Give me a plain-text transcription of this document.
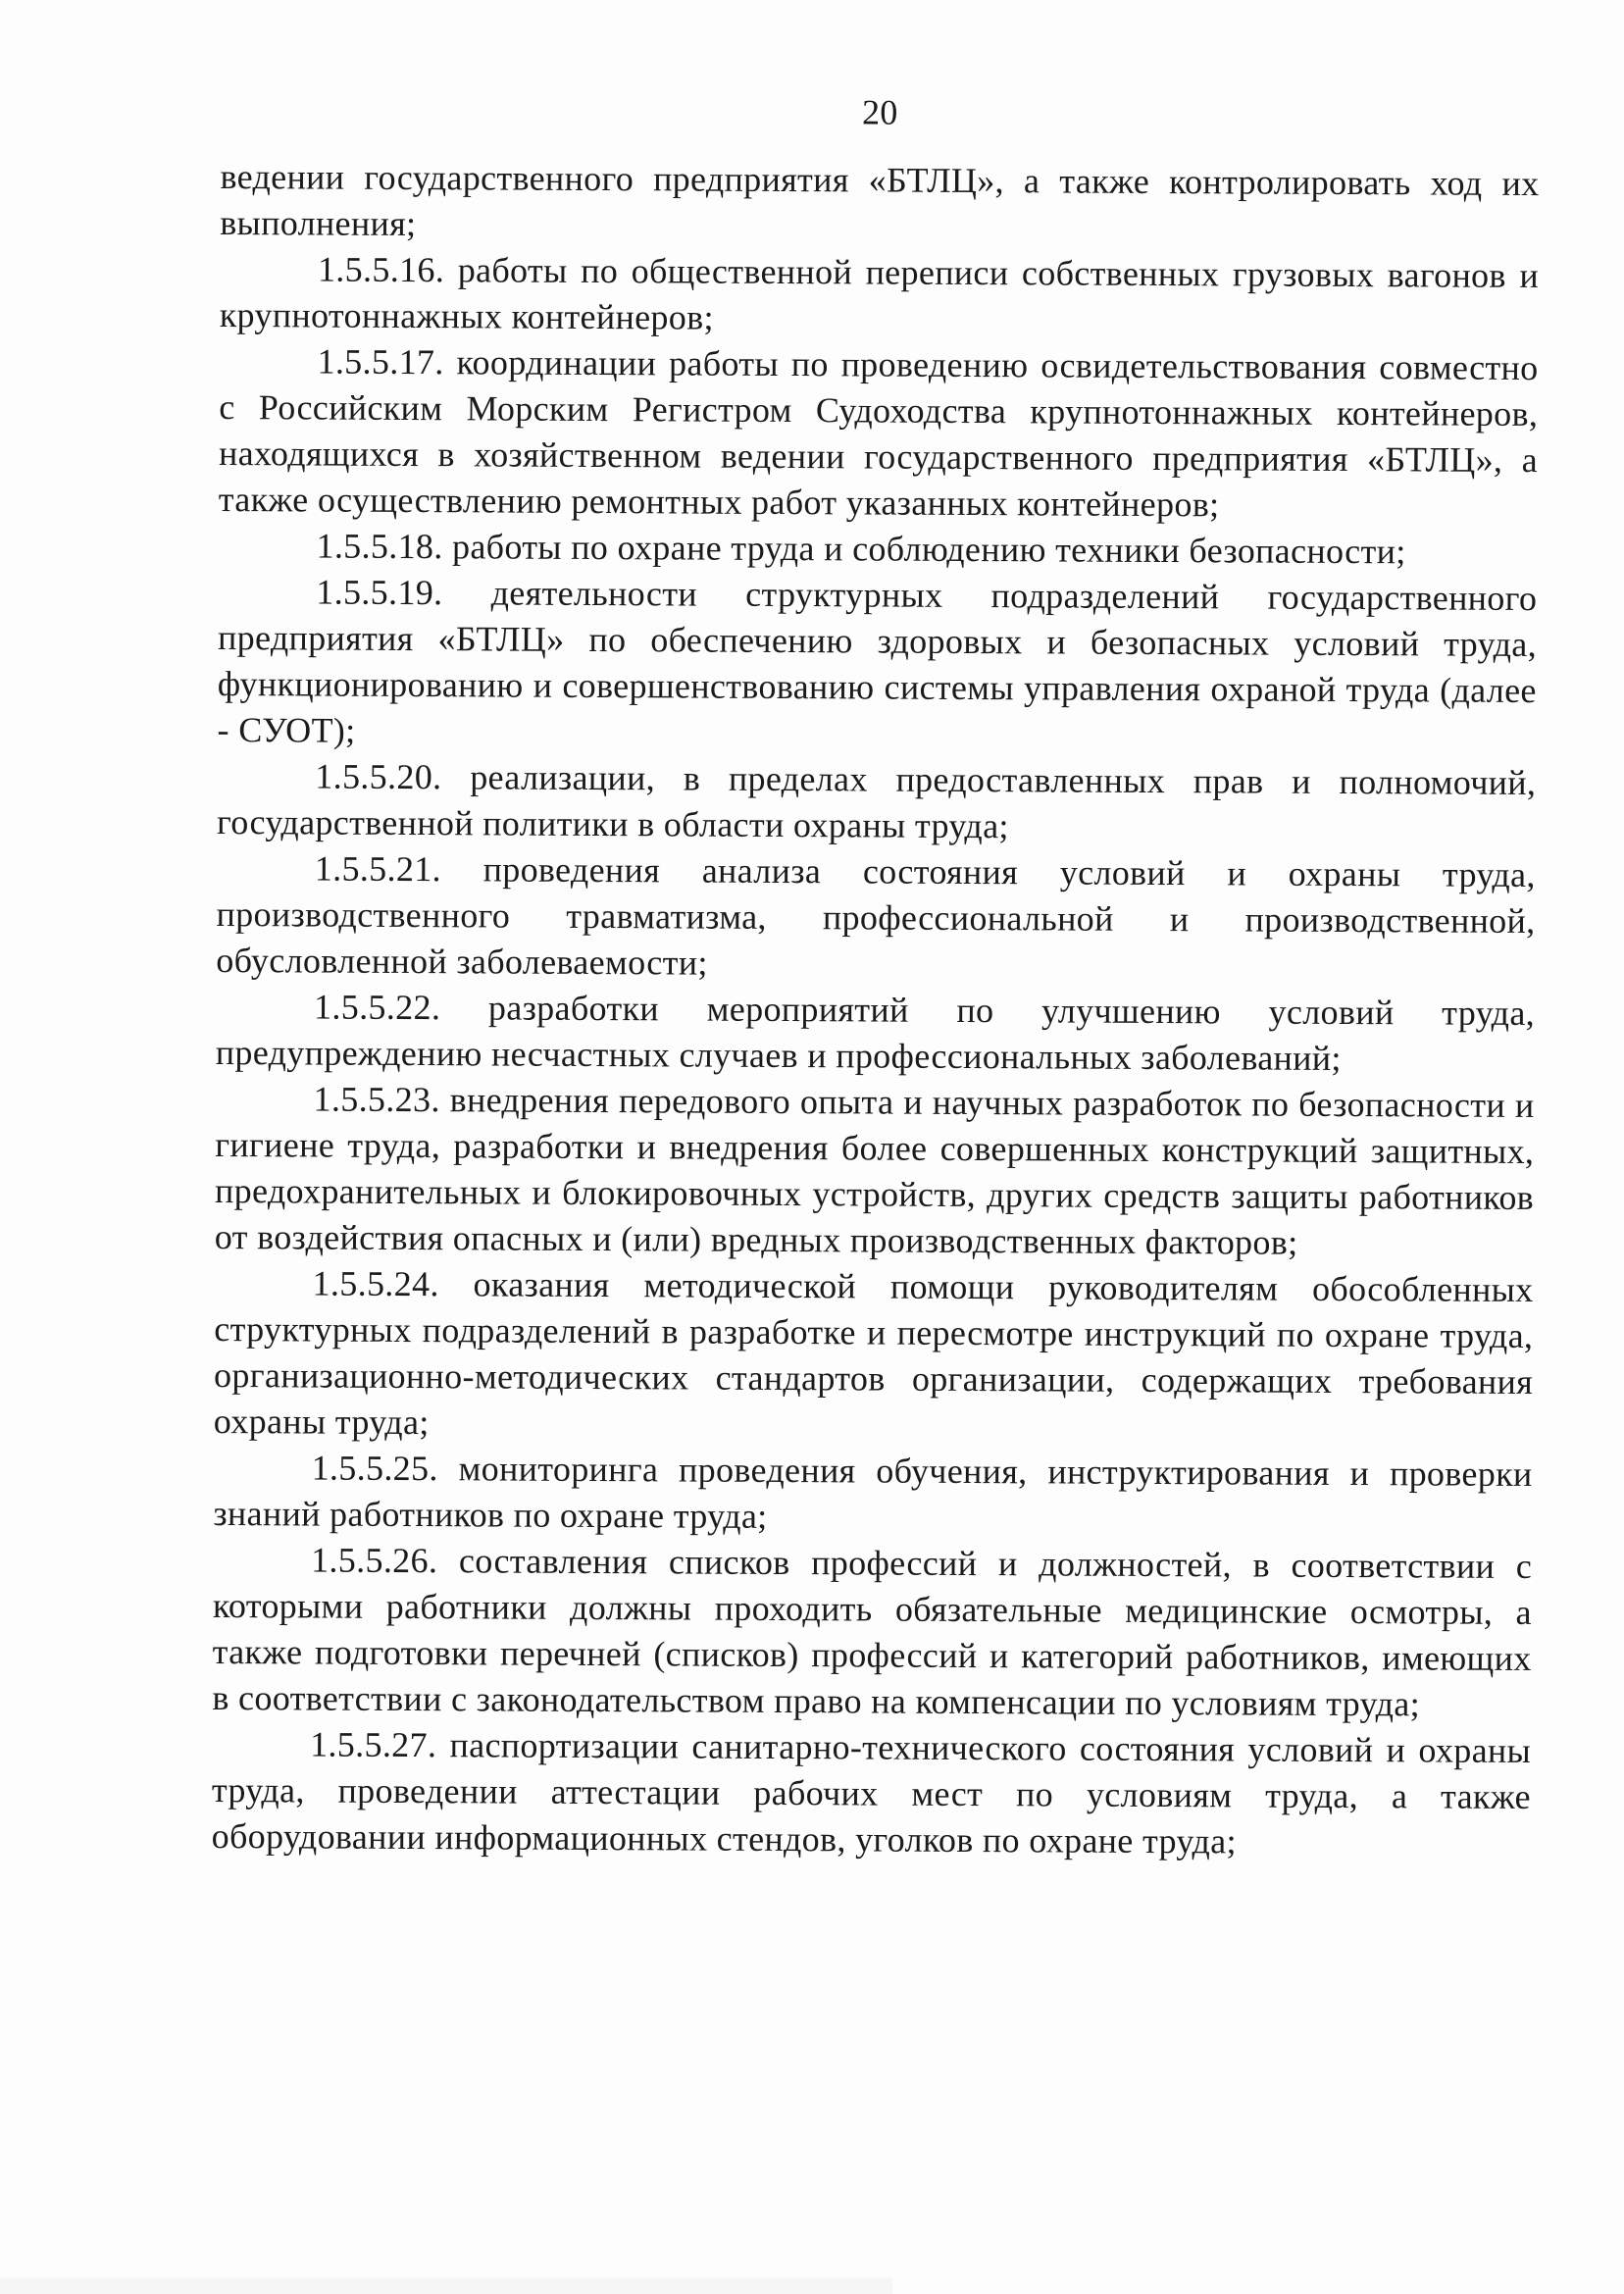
20

ведении государственного предприятия «БТЛЦ», а также контролировать ход их выполнения;

1.5.5.16. работы по общественной переписи собственных грузовых вагонов и крупнотоннажных контейнеров;

1.5.5.17. координации работы по проведению освидетельствования совместно с Российским Морским Регистром Судоходства крупнотоннажных контейнеров, находящихся в хозяйственном ведении государственного предприятия «БТЛЦ», а также осуществлению ремонтных работ указанных контейнеров;

1.5.5.18. работы по охране труда и соблюдению техники безопасности;

1.5.5.19. деятельности структурных подразделений государственного предприятия «БТЛЦ» по обеспечению здоровых и безопасных условий труда, функционированию и совершенствованию системы управления охраной труда (далее - СУОТ);

1.5.5.20. реализации, в пределах предоставленных прав и полномочий, государственной политики в области охраны труда;

1.5.5.21. проведения анализа состояния условий и охраны труда, производственного травматизма, профессиональной и производственной, обусловленной заболеваемости;

1.5.5.22. разработки мероприятий по улучшению условий труда, предупреждению несчастных случаев и профессиональных заболеваний;

1.5.5.23. внедрения передового опыта и научных разработок по безопасности и гигиене труда, разработки и внедрения более совершенных конструкций защитных, предохранительных и блокировочных устройств, других средств защиты работников от воздействия опасных и (или) вредных производственных факторов;

1.5.5.24. оказания методической помощи руководителям обособленных структурных подразделений в разработке и пересмотре инструкций по охране труда, организационно-методических стандартов организации, содержащих требования охраны труда;

1.5.5.25. мониторинга проведения обучения, инструктирования и проверки знаний работников по охране труда;

1.5.5.26. составления списков профессий и должностей, в соответствии с которыми работники должны проходить обязательные медицинские осмотры, а также подготовки перечней (списков) профессий и категорий работников, имеющих в соответствии с законодательством право на компенсации по условиям труда;

1.5.5.27. паспортизации санитарно-технического состояния условий и охраны труда, проведении аттестации рабочих мест по условиям труда, а также оборудовании информационных стендов, уголков по охране труда;
